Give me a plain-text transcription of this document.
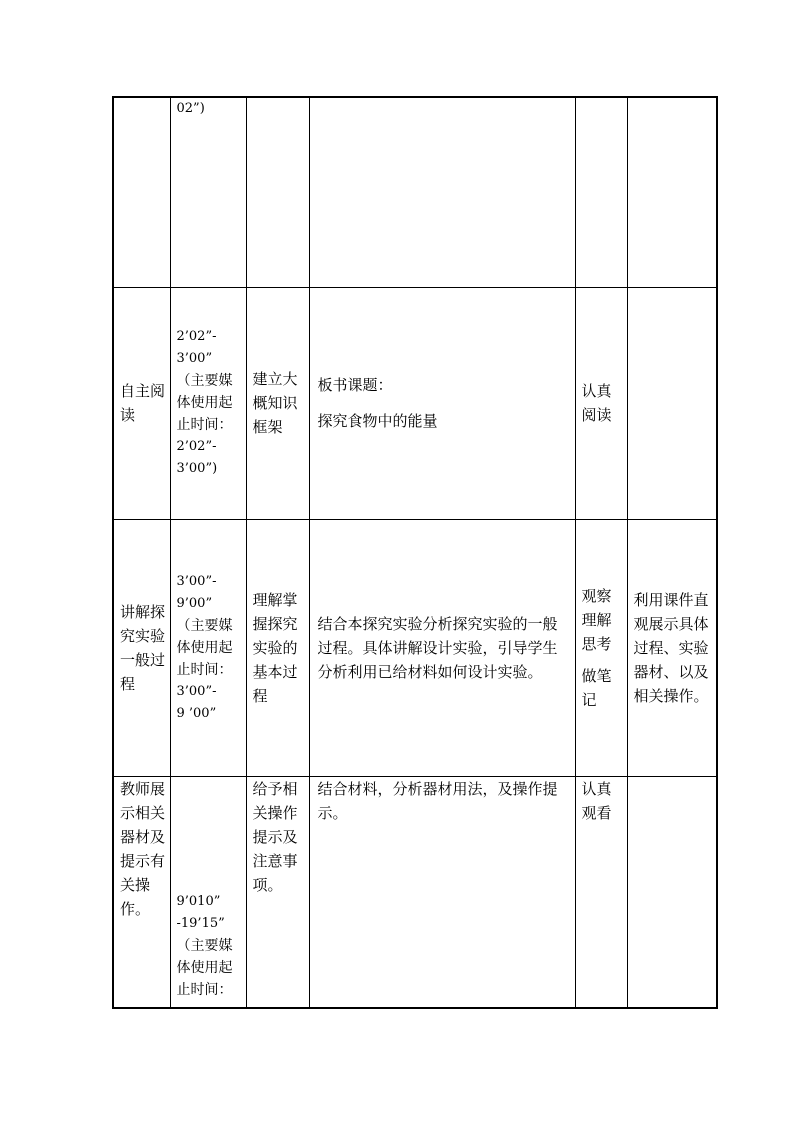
	02”)				

自主阅读	2’02”-
3’00”
（主要媒体使用起止时间：
2’02”-
3’00”)	建立大概知识框架	板书课题：
探究食物中的能量	认真阅读	

讲解探究实验一般过程	3’00”-
9’00”
（主要媒体使用起止时间：
3’00”-
9 ’00”	理解掌握探究实验的基本过程	结合本探究实验分析探究实验的一般过程。具体讲解设计实验，引导学生分析利用已给材料如何设计实验。	观察理解思考
做笔记	利用课件直观展示具体过程、实验器材、以及相关操作。

教师展示相关器材及提示有关操作。	9’010”
-19’15”
（主要媒体使用起止时间：	给予相关操作提示及注意事项。	结合材料，分析器材用法，及操作提示。	认真观看	
